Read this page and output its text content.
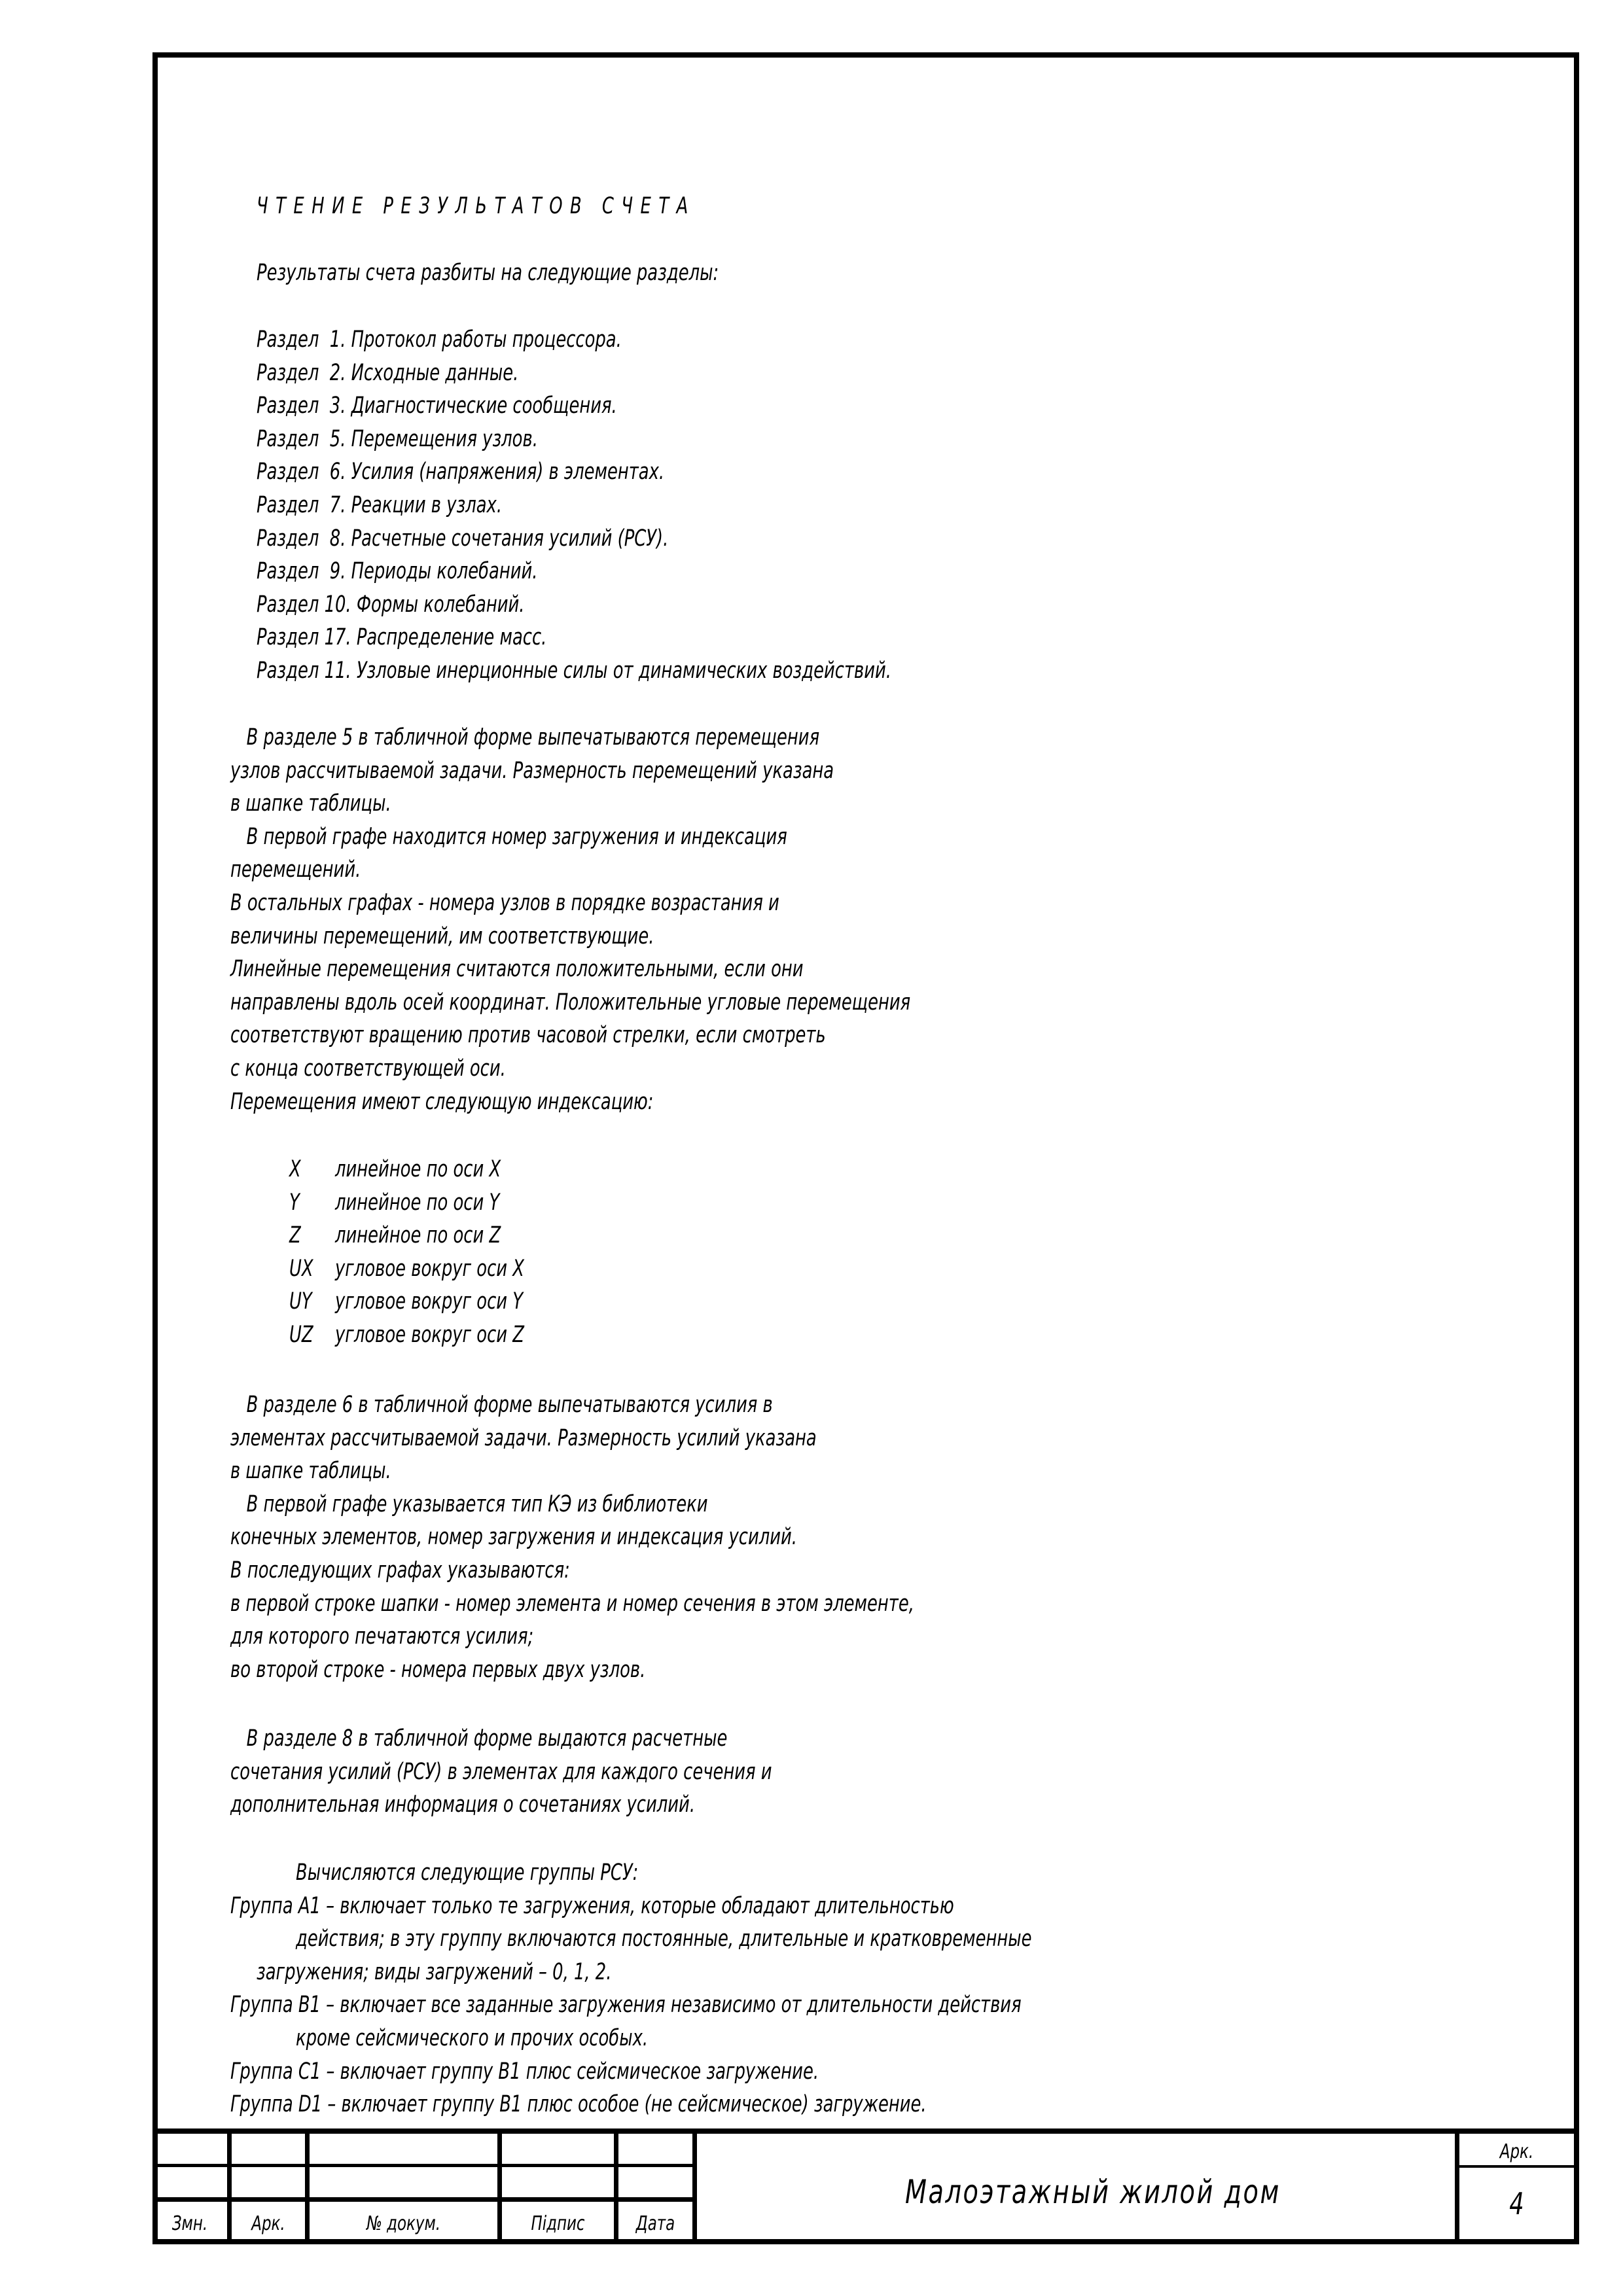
ЧТЕНИЕ РЕЗУЛЬТАТОВ СЧЕТА
Результаты счета разбиты на следующие разделы:
Раздел  1. Протокол работы процессора.
Раздел  2. Исходные данные.
Раздел  3. Диагностические сообщения.
Раздел  5. Перемещения узлов.
Раздел  6. Усилия (напряжения) в элементах.
Раздел  7. Реакции в узлах.
Раздел  8. Расчетные сочетания усилий (РСУ).
Раздел  9. Периоды колебаний.
Раздел 10. Формы колебаний.
Раздел 17. Распределение масс.
Раздел 11. Узловые инерционные силы от динамических воздействий.
В разделе 5 в табличной форме выпечатываются перемещения
узлов рассчитываемой задачи. Размерность перемещений указана
в шапке таблицы.
В первой графе находится номер загружения и индексация
перемещений.
В остальных графах - номера узлов в порядке возрастания и
величины перемещений, им соответствующие.
Линейные перемещения считаются положительными, если они
направлены вдоль осей координат. Положительные угловые перемещения
соответствуют вращению против часовой стрелки, если смотреть
с конца соответствующей оси.
Перемещения имеют следующую индексацию:
X линейное по оси X
Y линейное по оси Y
Z линейное по оси Z
UX угловое вокруг оси X
UY угловое вокруг оси Y
UZ угловое вокруг оси Z
В разделе 6 в табличной форме выпечатываются усилия в
элементах рассчитываемой задачи. Размерность усилий указана
в шапке таблицы.
В первой графе указывается тип КЭ из библиотеки
конечных элементов, номер загружения и индексация усилий.
В последующих графах указываются:
в первой строке шапки - номер элемента и номер сечения в этом элементе,
для которого печатаются усилия;
во второй строке - номера первых двух узлов.
В разделе 8 в табличной форме выдаются расчетные
сочетания усилий (РСУ) в элементах для каждого сечения и
дополнительная информация о сочетаниях усилий.
Вычисляются следующие группы РСУ:
Группа A1 – включает только те загружения, которые обладают длительностью
действия; в эту группу включаются постоянные, длительные и кратковременные
загружения; виды загружений – 0, 1, 2.
Группа B1 – включает все заданные загружения независимо от длительности действия
кроме сейсмического и прочих особых.
Группа C1 – включает группу B1 плюс сейсмическое загружение.
Группа D1 – включает группу B1 плюс особое (не сейсмическое) загружение.
Змн.	Арк.	№ докум.	Підпис	Дата
Малоэтажный жилой дом
Арк.
4
